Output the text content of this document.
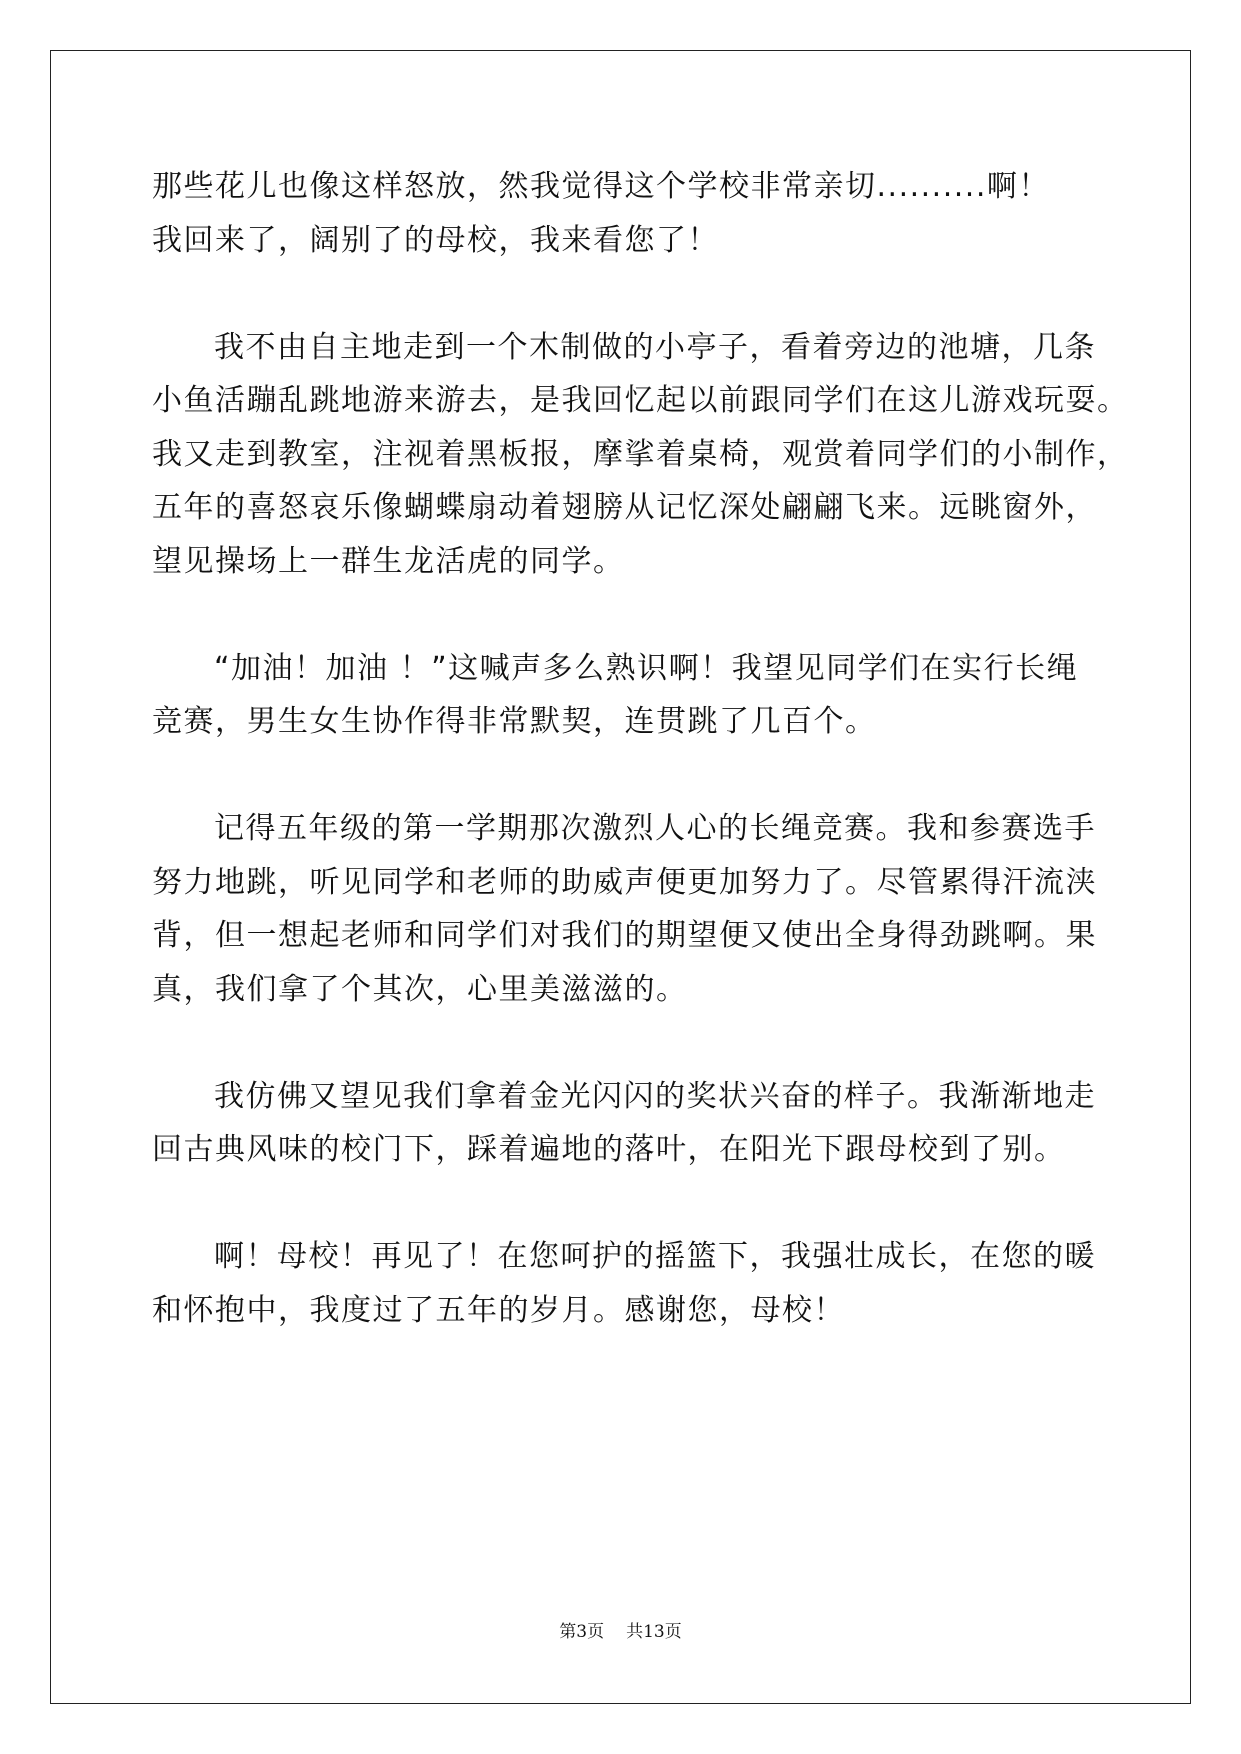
那些花儿也像这样怒放，然我觉得这个学校非常亲切..........啊！
我回来了，阔别了的母校，我来看您了！
我不由自主地走到一个木制做的小亭子，看着旁边的池塘，几条
小鱼活蹦乱跳地游来游去，是我回忆起以前跟同学们在这儿游戏玩耍。
我又走到教室，注视着黑板报，摩挲着桌椅，观赏着同学们的小制作，
五年的喜怒哀乐像蝴蝶扇动着翅膀从记忆深处翩翩飞来。远眺窗外，
望见操场上一群生龙活虎的同学。
“加油！加油 ！”这喊声多么熟识啊！我望见同学们在实行长绳
竞赛，男生女生协作得非常默契，连贯跳了几百个。
记得五年级的第一学期那次激烈人心的长绳竞赛。我和参赛选手
努力地跳，听见同学和老师的助威声便更加努力了。尽管累得汗流浃
背，但一想起老师和同学们对我们的期望便又使出全身得劲跳啊。果
真，我们拿了个其次，心里美滋滋的。
我仿佛又望见我们拿着金光闪闪的奖状兴奋的样子。我渐渐地走
回古典风味的校门下，踩着遍地的落叶，在阳光下跟母校到了别。
啊！母校！再见了！在您呵护的摇篮下，我强壮成长，在您的暖
和怀抱中，我度过了五年的岁月。感谢您，母校！
第3页 共13页
